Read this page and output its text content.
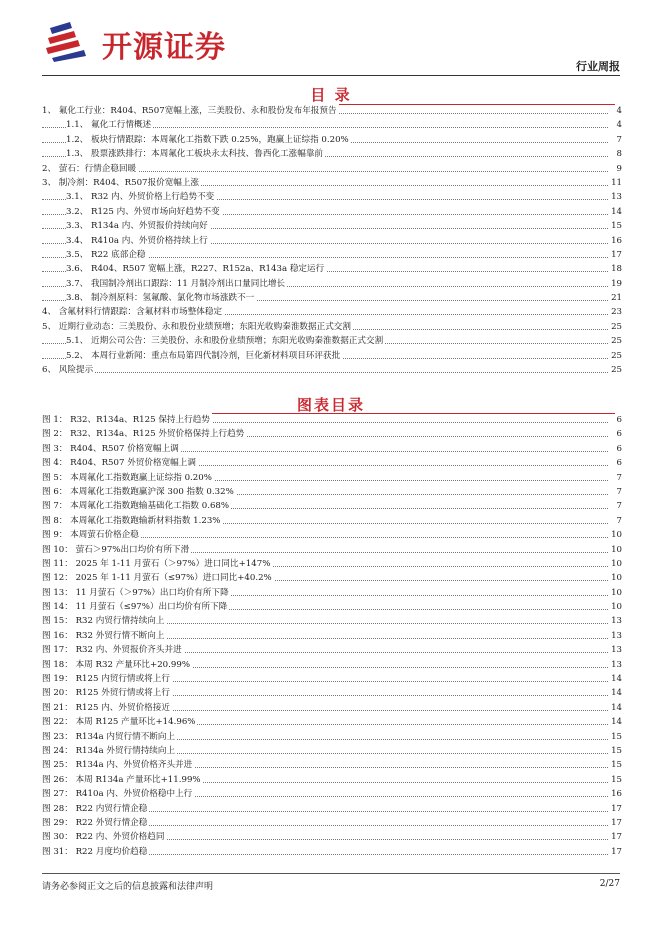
开源证券
行业周报
目 录
1、 氟化工行业：R404、R507宽幅上涨，三美股份、永和股份发布年报预告	4
1.1、 氟化工行情概述	4
1.2、 板块行情跟踪：本周氟化工指数下跌 0.25%，跑赢上证综指 0.20%	7
1.3、 股票涨跌排行：本周氟化工板块永太科技、鲁西化工涨幅靠前	8
2、 萤石：行情企稳回暖	9
3、 制冷剂：R404、R507报价宽幅上涨	11
3.1、 R32 内、外贸价格上行趋势不变	13
3.2、 R125 内、外贸市场向好趋势不变	14
3.3、 R134a 内、外贸报价持续向好	15
3.4、 R410a 内、外贸价格持续上行	16
3.5、 R22 底部企稳	17
3.6、 R404、R507 宽幅上涨，R227、R152a、R143a 稳定运行	18
3.7、 我国制冷剂出口跟踪：11 月制冷剂出口量同比增长	19
3.8、 制冷剂原料：氢氟酸、氯化物市场涨跌不一	21
4、 含氟材料行情跟踪：含氟材料市场整体稳定	23
5、 近期行业动态：三美股份、永和股份业绩预增；东阳光收购秦淮数据正式交割	25
5.1、 近期公司公告：三美股份、永和股份业绩预增；东阳光收购秦淮数据正式交割	25
5.2、 本周行业新闻：重点布局第四代制冷剂，巨化新材料项目环评获批	25
6、 风险提示	25
图表目录
图 1： R32、R134a、R125 保持上行趋势	6
图 2： R32、R134a、R125 外贸价格保持上行趋势	6
图 3： R404、R507 价格宽幅上调	6
图 4： R404、R507 外贸价格宽幅上调	6
图 5： 本周氟化工指数跑赢上证综指 0.20%	7
图 6： 本周氟化工指数跑赢沪深 300 指数 0.32%	7
图 7： 本周氟化工指数跑输基础化工指数 0.68%	7
图 8： 本周氟化工指数跑输新材料指数 1.23%	7
图 9： 本周萤石价格企稳	10
图 10： 萤石＞97%出口均价有所下滑	10
图 11： 2025 年 1-11 月萤石（＞97%）进口同比+147%	10
图 12： 2025 年 1-11 月萤石（≤97%）进口同比+40.2%	10
图 13： 11 月萤石（＞97%）出口均价有所下降	10
图 14： 11 月萤石（≤97%）出口均价有所下降	10
图 15： R32 内贸行情持续向上	13
图 16： R32 外贸行情不断向上	13
图 17： R32 内、外贸报价齐头并进	13
图 18： 本周 R32 产量环比+20.99%	13
图 19： R125 内贸行情或将上行	14
图 20： R125 外贸行情或将上行	14
图 21： R125 内、外贸价格接近	14
图 22： 本周 R125 产量环比+14.96%	14
图 23： R134a 内贸行情不断向上	15
图 24： R134a 外贸行情持续向上	15
图 25： R134a 内、外贸价格齐头并进	15
图 26： 本周 R134a 产量环比+11.99%	15
图 27： R410a 内、外贸价格稳中上行	16
图 28： R22 内贸行情企稳	17
图 29： R22 外贸行情企稳	17
图 30： R22 内、外贸价格趋同	17
图 31： R22 月度均价趋稳	17
请务必参阅正文之后的信息披露和法律声明	2/27
